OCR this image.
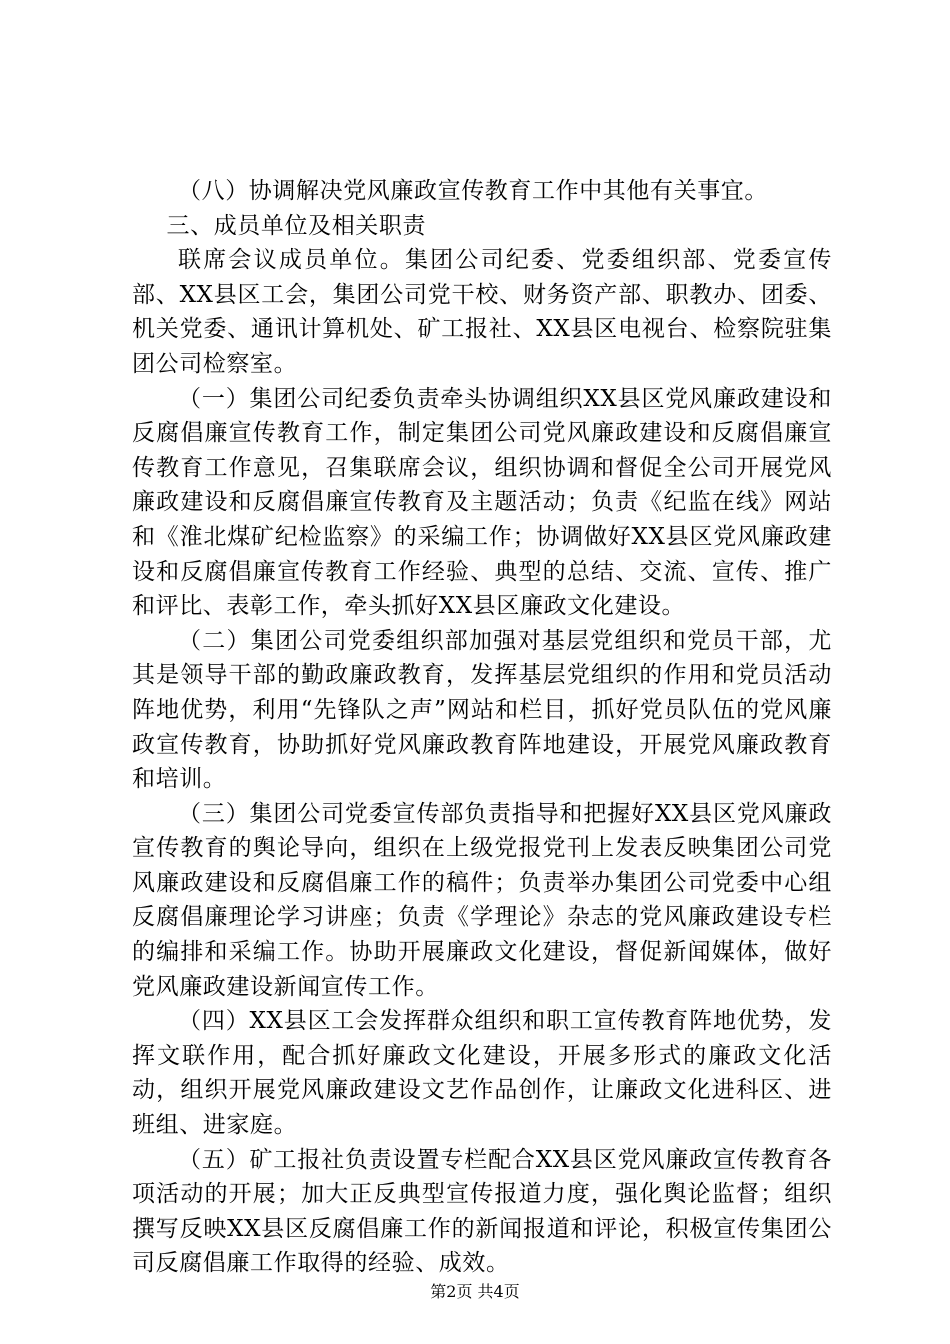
（八）协调解决党风廉政宣传教育工作中其他有关事宜。

三、成员单位及相关职责

联席会议成员单位。集团公司纪委、党委组织部、党委宣传部、XX县区工会，集团公司党干校、财务资产部、职教办、团委、机关党委、通讯计算机处、矿工报社、XX县区电视台、检察院驻集团公司检察室。

（一）集团公司纪委负责牵头协调组织XX县区党风廉政建设和反腐倡廉宣传教育工作，制定集团公司党风廉政建设和反腐倡廉宣传教育工作意见，召集联席会议，组织协调和督促全公司开展党风廉政建设和反腐倡廉宣传教育及主题活动；负责《纪监在线》网站和《淮北煤矿纪检监察》的采编工作；协调做好XX县区党风廉政建设和反腐倡廉宣传教育工作经验、典型的总结、交流、宣传、推广和评比、表彰工作，牵头抓好XX县区廉政文化建设。

（二）集团公司党委组织部加强对基层党组织和党员干部，尤其是领导干部的勤政廉政教育，发挥基层党组织的作用和党员活动阵地优势，利用“先锋队之声”网站和栏目，抓好党员队伍的党风廉政宣传教育，协助抓好党风廉政教育阵地建设，开展党风廉政教育和培训。

（三）集团公司党委宣传部负责指导和把握好XX县区党风廉政宣传教育的舆论导向，组织在上级党报党刊上发表反映集团公司党风廉政建设和反腐倡廉工作的稿件；负责举办集团公司党委中心组反腐倡廉理论学习讲座；负责《学理论》杂志的党风廉政建设专栏的编排和采编工作。协助开展廉政文化建设，督促新闻媒体，做好党风廉政建设新闻宣传工作。

（四）XX县区工会发挥群众组织和职工宣传教育阵地优势，发挥文联作用，配合抓好廉政文化建设，开展多形式的廉政文化活动，组织开展党风廉政建设文艺作品创作，让廉政文化进科区、进班组、进家庭。

（五）矿工报社负责设置专栏配合XX县区党风廉政宣传教育各项活动的开展；加大正反典型宣传报道力度，强化舆论监督；组织撰写反映XX县区反腐倡廉工作的新闻报道和评论，积极宣传集团公司反腐倡廉工作取得的经验、成效。

第2页 共4页
